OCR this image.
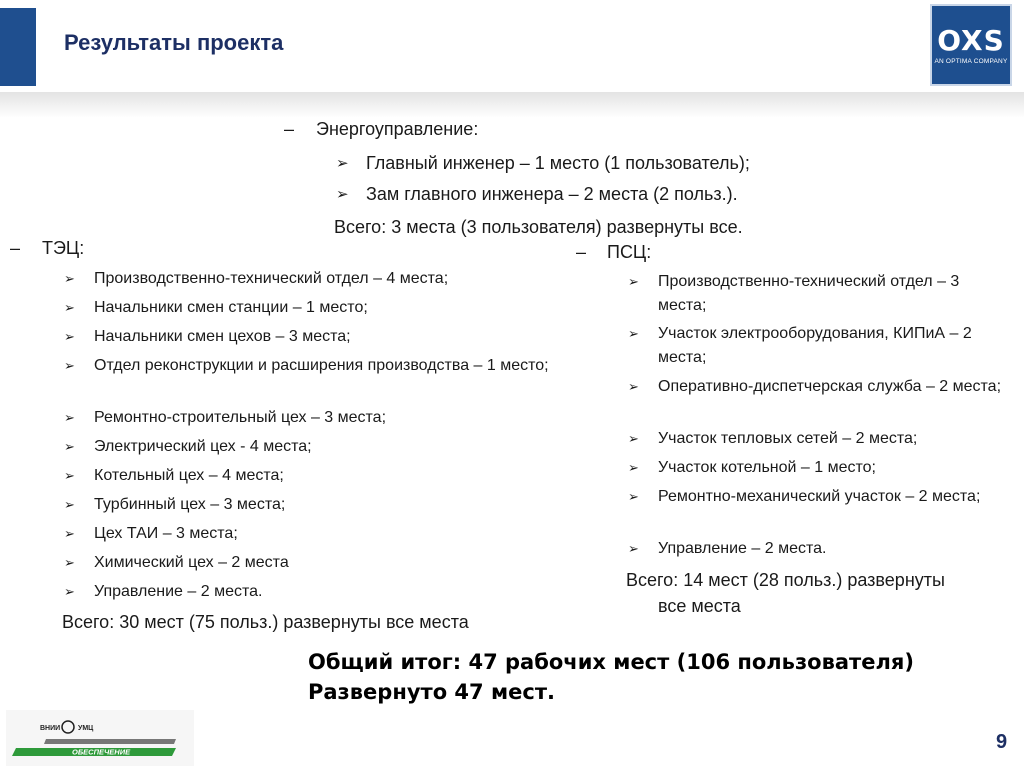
Результаты проекта	OXS
AN OPTIMA COMPANY
– Энергоуправление:
➢ Главный инженер – 1 место (1 пользователь);
➢ Зам главного инженера – 2 места (2 польз.).
Всего: 3 места (3 пользователя) развернуты все.
– ТЭЦ:
➢	Производственно-технический отдел – 4 места;
➢	Начальники смен станции – 1 место;
➢	Начальники смен цехов – 3 места;
➢	Отдел реконструкции и расширения производства – 1 место;
➢	Ремонтно-строительный цех – 3 места;
➢	Электрический цех - 4 места;
➢	Котельный цех – 4 места;
➢	Турбинный цех – 3 места;
➢	Цех ТАИ – 3 места;
➢	Химический цех – 2 места
➢	Управление – 2 места.
Всего: 30 мест (75 польз.) развернуты все места
– ПСЦ:
➢	Производственно-технический отдел – 3 места;
➢	Участок электрооборудования, КИПиА – 2 места;
➢	Оперативно-диспетчерская служба – 2 места;
➢	Участок тепловых сетей – 2 места;
➢	Участок котельной – 1 место;
➢	Ремонтно-механический участок – 2 места;
➢	Управление – 2 места.
Всего: 14 мест (28 польз.) развернуты все места
Общий итог: 47 рабочих мест (106 пользователя)
Развернуто 47 мест.
ВНИИ	УМЦ
ОБЕСПЕЧЕНИЕ	9
